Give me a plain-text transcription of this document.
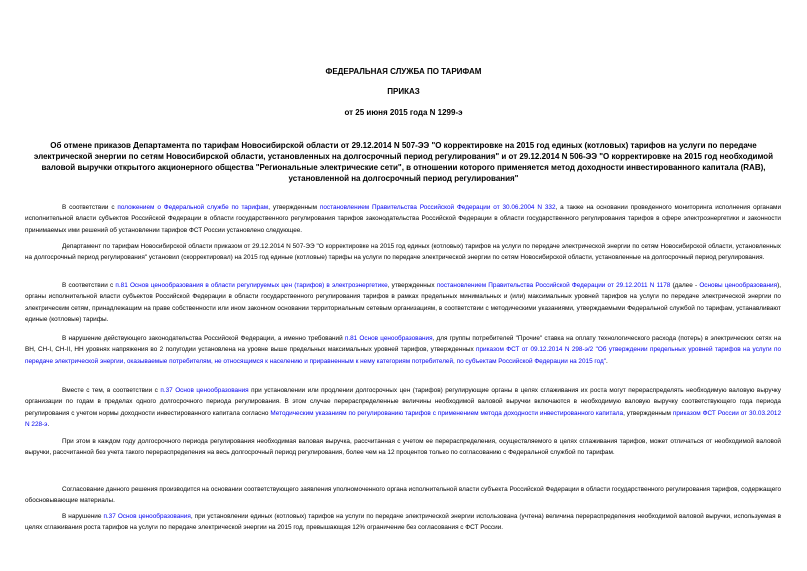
ФЕДЕРАЛЬНАЯ СЛУЖБА ПО ТАРИФАМ
ПРИКАЗ
от 25 июня 2015 года N 1299-э
Об отмене приказов Департамента по тарифам Новосибирской области от 29.12.2014 N 507-ЭЭ "О корректировке на 2015 год единых (котловых) тарифов на услуги по передаче электрической энергии по сетям Новосибирской области, установленных на долгосрочный период регулирования" и от 29.12.2014 N 506-ЭЭ "О корректировке на 2015 год необходимой валовой выручки открытого акционерного общества "Региональные электрические сети", в отношении которого применяется метод доходности инвестированного капитала (RAB), установленной на долгосрочный период регулирования"
В соответствии с положением о Федеральной службе по тарифам, утвержденным постановлением Правительства Российской Федерации от 30.06.2004 N 332, а также на основании проведенного мониторинга исполнения органами исполнительной власти субъектов Российской Федерации в области государственного регулирования тарифов законодательства Российской Федерации в области государственного регулирования тарифов в сфере электроэнергетики и законности принимаемых ими решений об установлении тарифов ФСТ России установлено следующее.
Департамент по тарифам Новосибирской области приказом от 29.12.2014 N 507-ЭЭ "О корректировке на 2015 год единых (котловых) тарифов на услуги по передаче электрической энергии по сетям Новосибирской области, установленных на долгосрочный период регулирования" установил (скорректировал) на 2015 год единые (котловые) тарифы на услуги по передаче электрической энергии по сетям Новосибирской области, установленные на долгосрочный период регулирования.
В соответствии с п.81 Основ ценообразования в области регулируемых цен (тарифов) в электроэнергетике, утвержденных постановлением Правительства Российской Федерации от 29.12.2011 N 1178 (далее - Основы ценообразования), органы исполнительной власти субъектов Российской Федерации в области государственного регулирования тарифов в рамках предельных минимальных и (или) максимальных уровней тарифов на услуги по передаче электрической энергии по электрическим сетям, принадлежащим на праве собственности или ином законном основании территориальным сетевым организациям, в соответствии с методическими указаниями, утверждаемыми Федеральной службой по тарифам, устанавливают единые (котловые) тарифы.
В нарушение действующего законодательства Российской Федерации, а именно требований п.81 Основ ценообразования, для группы потребителей "Прочие" ставка на оплату технологического расхода (потерь) в электрических сетях на ВН, СН-I, СН-II, НН уровнях напряжения во 2 полугодии установлена на уровне выше предельных максимальных уровней тарифов, утвержденных приказом ФСТ от 09.12.2014 N 298-э/2 "Об утверждении предельных уровней тарифов на услуги по передаче электрической энергии, оказываемые потребителям, не относящимся к населению и приравненным к нему категориям потребителей, по субъектам Российской Федерации на 2015 год".
Вместе с тем, в соответствии с п.37 Основ ценообразования при установлении или продлении долгосрочных цен (тарифов) регулирующие органы в целях сглаживания их роста могут перераспределять необходимую валовую выручку организации по годам в пределах одного долгосрочного периода регулирования. В этом случае перераспределенные величины необходимой валовой выручки включаются в необходимую валовую выручку соответствующего года периода регулирования с учетом нормы доходности инвестированного капитала согласно Методическим указаниям по регулированию тарифов с применением метода доходности инвестированного капитала, утвержденным приказом ФСТ России от 30.03.2012 N 228-э.
При этом в каждом году долгосрочного периода регулирования необходимая валовая выручка, рассчитанная с учетом ее перераспределения, осуществляемого в целях сглаживания тарифов, может отличаться от необходимой валовой выручки, рассчитанной без учета такого перераспределения на весь долгосрочный период регулирования, более чем на 12 процентов только по согласованию с Федеральной службой по тарифам.
Согласование данного решения производится на основании соответствующего заявления уполномоченного органа исполнительной власти субъекта Российской Федерации в области государственного регулирования тарифов, содержащего обосновывающие материалы.
В нарушение п.37 Основ ценообразования, при установлении единых (котловых) тарифов на услуги по передаче электрической энергии использована (учтена) величина перераспределения необходимой валовой выручки, используемая в целях сглаживания роста тарифов на услуги по передаче электрической энергии на 2015 год, превышающая 12% ограничение без согласования с ФСТ России.
